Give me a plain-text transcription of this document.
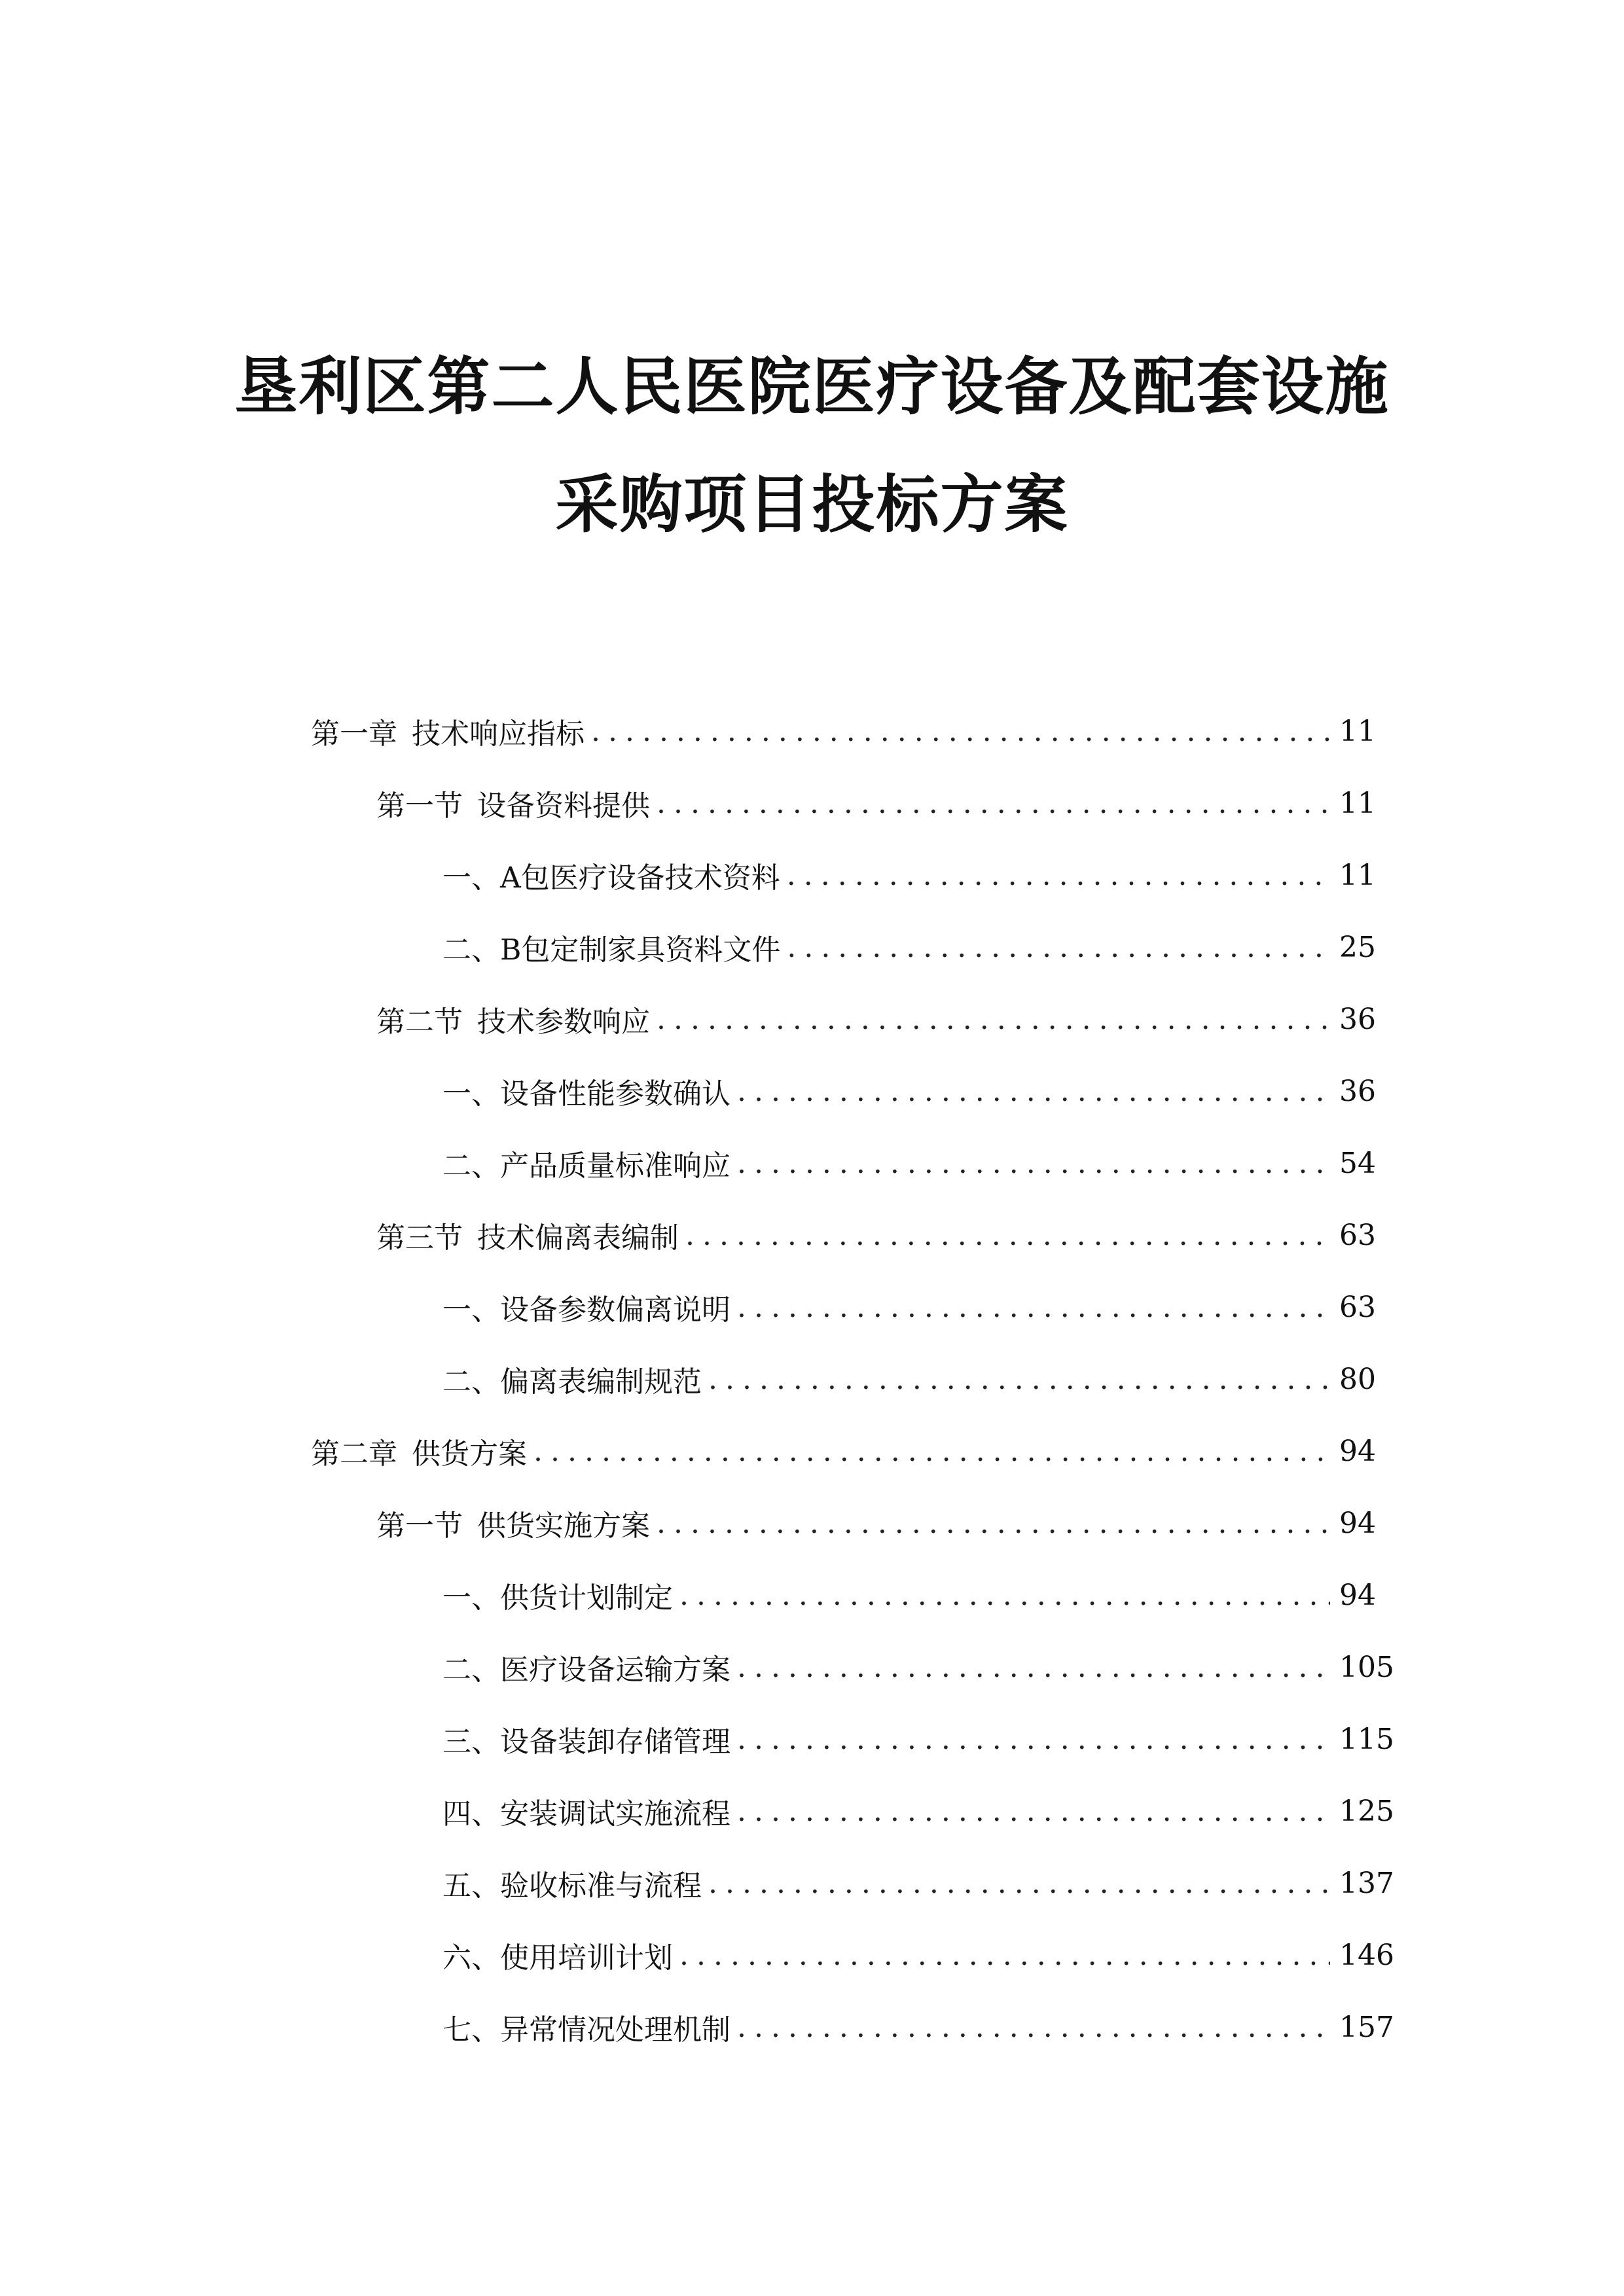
垦利区第二人民医院医疗设备及配套设施
采购项目投标方案
第一章 技术响应指标 .....	11
第一节 设备资料提供 .....	11
一、 A包医疗设备技术资料 .....	11
二、 B包定制家具资料文件 .....	25
第二节 技术参数响应 .....	36
一、 设备性能参数确认 .....	36
二、 产品质量标准响应 .....	54
第三节 技术偏离表编制 .....	63
一、 设备参数偏离说明 .....	63
二、 偏离表编制规范 .....	80
第二章 供货方案 .....	94
第一节 供货实施方案 .....	94
一、 供货计划制定 .....	94
二、 医疗设备运输方案 .....	105
三、 设备装卸存储管理 .....	115
四、 安装调试实施流程 .....	125
五、 验收标准与流程 .....	137
六、 使用培训计划 .....	146
七、 异常情况处理机制 .....	157
